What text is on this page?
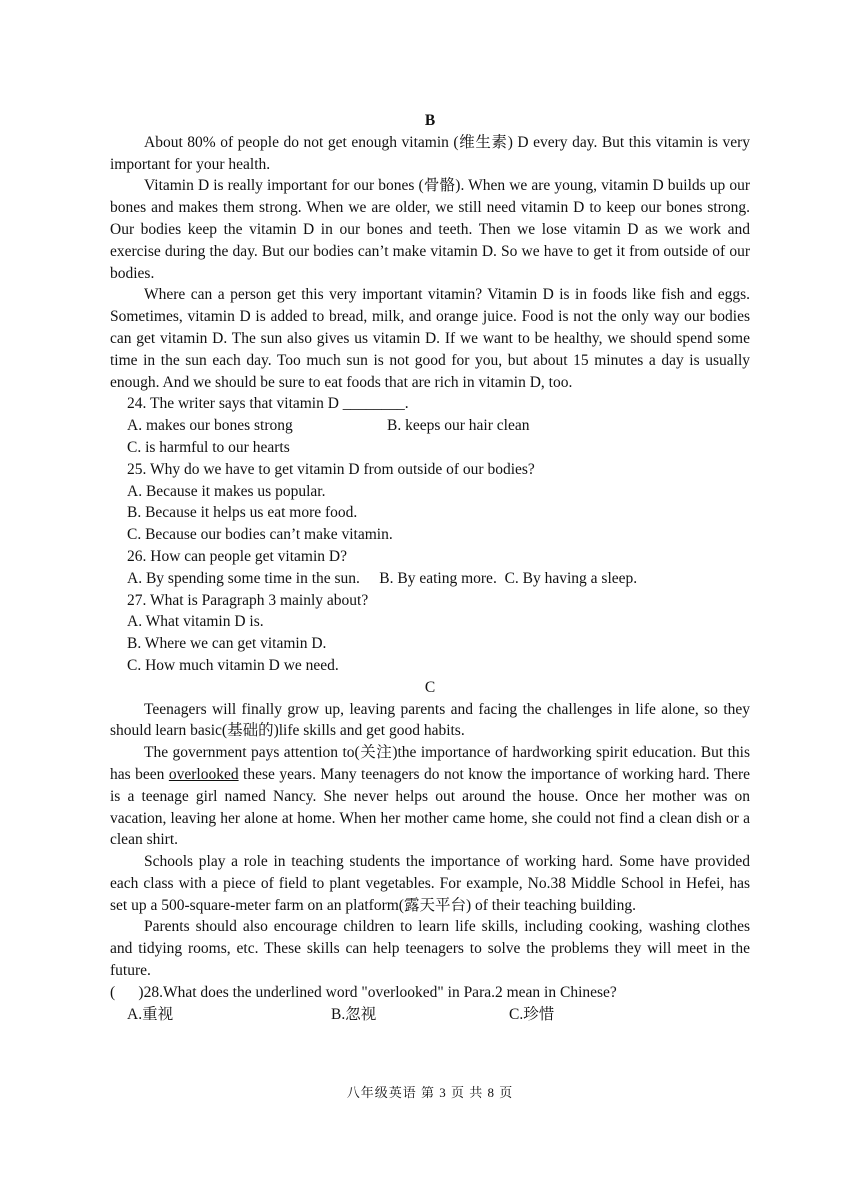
B

About 80% of people do not get enough vitamin (维生素) D every day. But this vitamin is very important for your health.

Vitamin D is really important for our bones (骨骼). When we are young, vitamin D builds up our bones and makes them strong. When we are older, we still need vitamin D to keep our bones strong. Our bodies keep the vitamin D in our bones and teeth. Then we lose vitamin D as we work and exercise during the day. But our bodies can’t make vitamin D. So we have to get it from outside of our bodies.

Where can a person get this very important vitamin? Vitamin D is in foods like fish and eggs. Sometimes, vitamin D is added to bread, milk, and orange juice. Food is not the only way our bodies can get vitamin D. The sun also gives us vitamin D. If we want to be healthy, we should spend some time in the sun each day. Too much sun is not good for you, but about 15 minutes a day is usually enough. And we should be sure to eat foods that are rich in vitamin D, too.

24. The writer says that vitamin D ________.

A. makes our bones strong	B. keeps our hair clean

C. is harmful to our hearts

25. Why do we have to get vitamin D from outside of our bodies?

A. Because it makes us popular.

B. Because it helps us eat more food.

C. Because our bodies can’t make vitamin.

26. How can people get vitamin D?

A. By spending some time in the sun.     B. By eating more.  C. By having a sleep.

27. What is Paragraph 3 mainly about?

A. What vitamin D is.

B. Where we can get vitamin D.

C. How much vitamin D we need.

C

Teenagers will finally grow up, leaving parents and facing the challenges in life alone, so they should learn basic(基础的)life skills and get good habits.

The government pays attention to(关注)the importance of hardworking spirit education. But this has been overlooked these years. Many teenagers do not know the importance of working hard. There is a teenage girl named Nancy. She never helps out around the house. Once her mother was on vacation, leaving her alone at home. When her mother came home, she could not find a clean dish or a clean shirt.

Schools play a role in teaching students the importance of working hard. Some have provided each class with a piece of field to plant vegetables. For example, No.38 Middle School in Hefei, has set up a 500-square-meter farm on an platform(露天平台) of their teaching building.

Parents should also encourage children to learn life skills, including cooking, washing clothes and tidying rooms, etc. These skills can help teenagers to solve the problems they will meet in the future.

(      )28.What does the underlined word "overlooked" in Para.2 mean in Chinese?

A.重视	B.忽视	C.珍惜
八年级英语 第 3 页 共 8 页
